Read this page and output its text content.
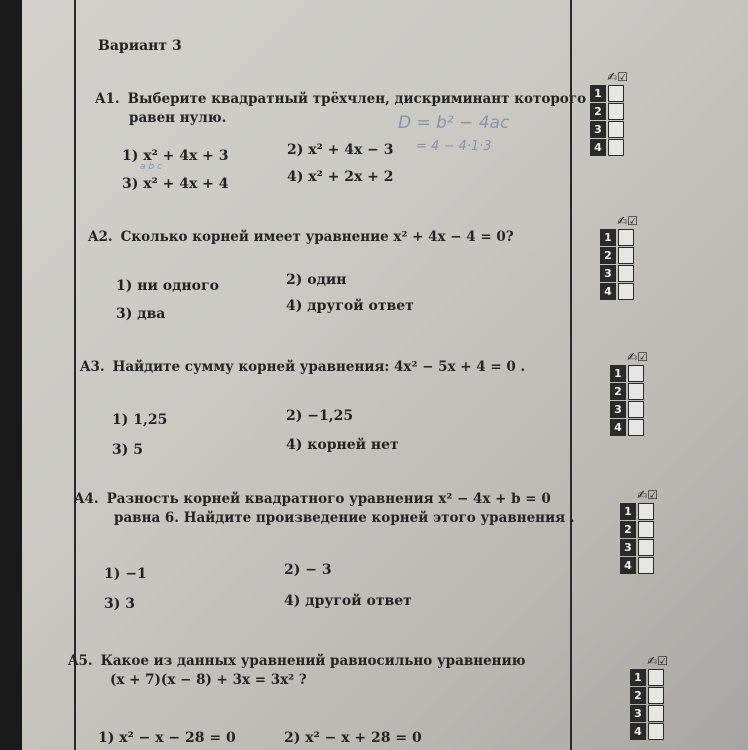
Вариант 3
A1. Выберите квадратный трёхчлен, дискриминант которого
равен нулю.
1) x² + 4x + 3	2) x² + 4x − 3
3) x² + 4x + 4	4) x² + 2x + 2
D = b² − 4ac
= 4 − 4·1·3
a b c
A2. Сколько корней имеет уравнение x² + 4x − 4 = 0?
1) ни одного	2) один
3) два	4) другой ответ
A3. Найдите сумму корней уравнения: 4x² − 5x + 4 = 0 .
1) 1,25	2) −1,25
3) 5	4) корней нет
A4. Разность корней квадратного уравнения x² − 4x + b = 0
равна 6. Найдите произведение корней этого уравнения .
1) −1	2) − 3
3) 3	4) другой ответ
A5. Какое из данных уравнений равносильно уравнению
(x + 7)(x − 8) + 3x = 3x² ?
1) x² − x − 28 = 0	2) x² − x + 28 = 0
✍☑
1
2
3
4
✍☑
1
2
3
4
✍☑
1
2
3
4
✍☑
1
2
3
4
✍☑
1
2
3
4
